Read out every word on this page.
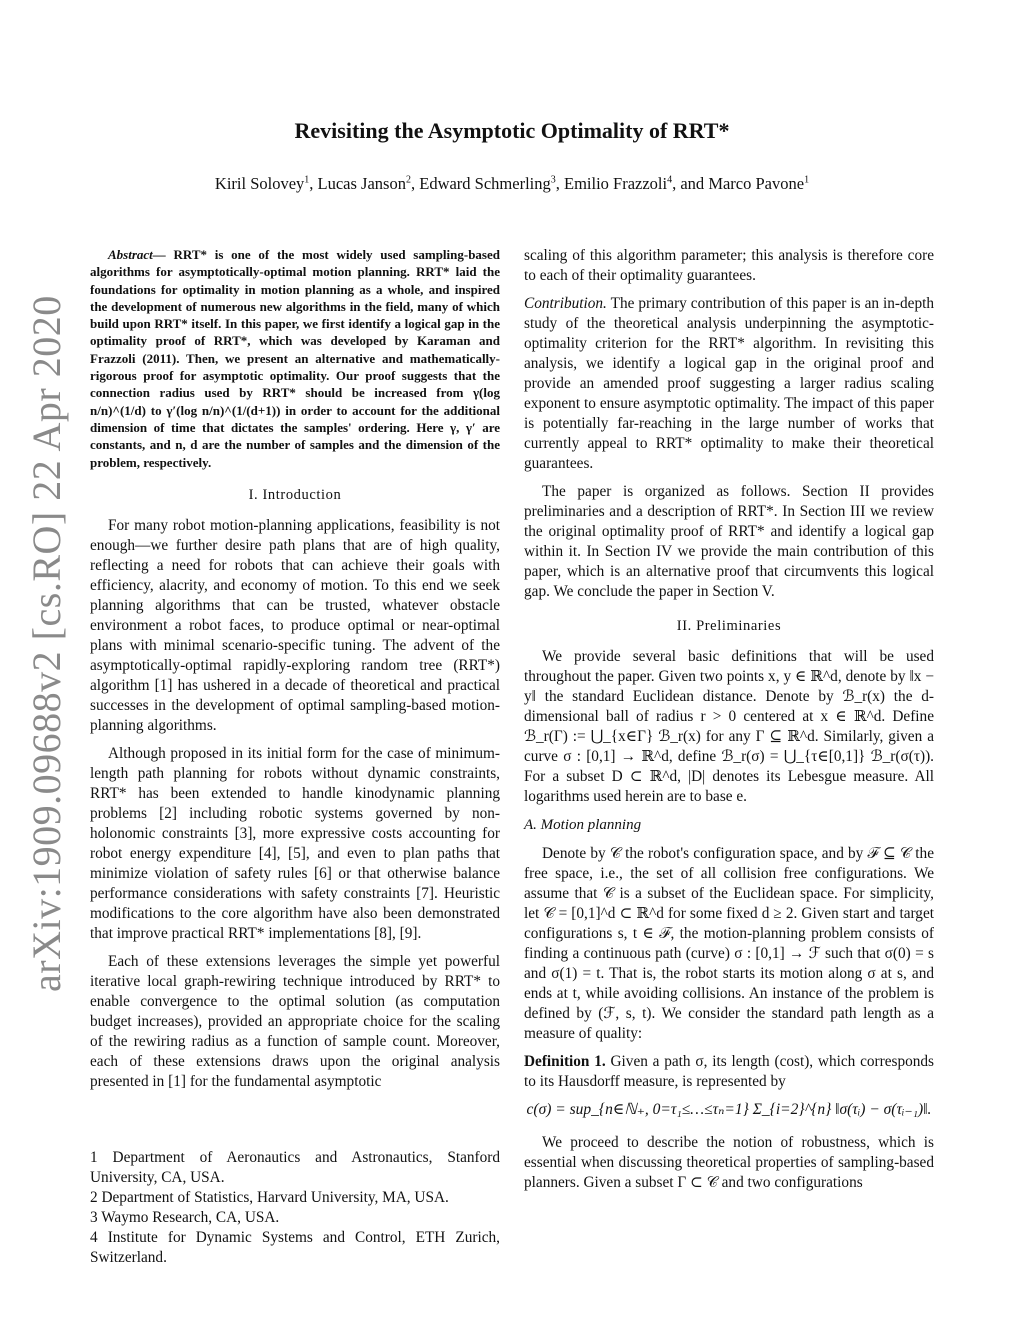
arXiv:1909.09688v2 [cs.RO] 22 Apr 2020
Revisiting the Asymptotic Optimality of RRT*
Kiril Solovey$^1$, Lucas Janson$^2$, Edward Schmerling$^3$, Emilio Frazzoli$^4$, and Marco Pavone$^1$

Abstract— RRT* is one of the most widely used sampling-based algorithms for asymptotically-optimal motion planning. RRT* laid the foundations for optimality in motion planning as a whole, and inspired the development of numerous new algorithms in the field, many of which build upon RRT* itself. In this paper, we first identify a logical gap in the optimality proof of RRT*, which was developed by Karaman and Frazzoli (2011). Then, we present an alternative and mathematically-rigorous proof for asymptotic optimality. Our proof suggests that the connection radius used by RRT* should be increased from γ(log n/n)^(1/d) to γ′(log n/n)^(1/(d+1)) in order to account for the additional dimension of time that dictates the samples' ordering. Here γ, γ′ are constants, and n, d are the number of samples and the dimension of the problem, respectively.

I. Introduction

For many robot motion-planning applications, feasibility is not enough—we further desire path plans that are of high quality, reflecting a need for robots that can achieve their goals with efficiency, alacrity, and economy of motion. To this end we seek planning algorithms that can be trusted, whatever obstacle environment a robot faces, to produce optimal or near-optimal plans with minimal scenario-specific tuning. The advent of the asymptotically-optimal rapidly-exploring random tree (RRT*) algorithm [1] has ushered in a decade of theoretical and practical successes in the development of optimal sampling-based motion-planning algorithms.

Although proposed in its initial form for the case of minimum-length path planning for robots without dynamic constraints, RRT* has been extended to handle kinodynamic planning problems [2] including robotic systems governed by non-holonomic constraints [3], more expressive costs accounting for robot energy expenditure [4], [5], and even to plan paths that minimize violation of safety rules [6] or that otherwise balance performance considerations with safety constraints [7]. Heuristic modifications to the core algorithm have also been demonstrated that improve practical RRT* implementations [8], [9].

Each of these extensions leverages the simple yet powerful iterative local graph-rewiring technique introduced by RRT* to enable convergence to the optimal solution (as computation budget increases), provided an appropriate choice for the scaling of the rewiring radius as a function of sample count. Moreover, each of these extensions draws upon the original analysis presented in [1] for the fundamental asymptotic

scaling of this algorithm parameter; this analysis is therefore core to each of their optimality guarantees.

Contribution. The primary contribution of this paper is an in-depth study of the theoretical analysis underpinning the asymptotic-optimality criterion for the RRT* algorithm. In revisiting this analysis, we identify a logical gap in the original proof and provide an amended proof suggesting a larger radius scaling exponent to ensure asymptotic optimality. The impact of this paper is potentially far-reaching in the large number of works that currently appeal to RRT* optimality to make their theoretical guarantees.

The paper is organized as follows. Section II provides preliminaries and a description of RRT*. In Section III we review the original optimality proof of RRT* and identify a logical gap within it. In Section IV we provide the main contribution of this paper, which is an alternative proof that circumvents this logical gap. We conclude the paper in Section V.

II. Preliminaries

We provide several basic definitions that will be used throughout the paper. Given two points x, y ∈ ℝ^d, denote by ‖x − y‖ the standard Euclidean distance. Denote by ℬ_r(x) the d-dimensional ball of radius r > 0 centered at x ∈ ℝ^d. Define ℬ_r(Γ) := ⋃_{x∈Γ} ℬ_r(x) for any Γ ⊆ ℝ^d. Similarly, given a curve σ : [0,1] → ℝ^d, define ℬ_r(σ) = ⋃_{τ∈[0,1]} ℬ_r(σ(τ)). For a subset D ⊂ ℝ^d, |D| denotes its Lebesgue measure. All logarithms used herein are to base e.

A. Motion planning

Denote by 𝒞 the robot's configuration space, and by ℱ ⊆ 𝒞 the free space, i.e., the set of all collision free configurations. We assume that 𝒞 is a subset of the Euclidean space. For simplicity, let 𝒞 = [0,1]^d ⊂ ℝ^d for some fixed d ≥ 2. Given start and target configurations s, t ∈ ℱ, the motion-planning problem consists of finding a continuous path (curve) σ : [0,1] → ℱ such that σ(0) = s and σ(1) = t. That is, the robot starts its motion along σ at s, and ends at t, while avoiding collisions. An instance of the problem is defined by (ℱ, s, t). We consider the standard path length as a measure of quality:

Definition 1. Given a path σ, its length (cost), which corresponds to its Hausdorff measure, is represented by

c(σ) = sup_{n∈ℕ₊, 0=τ₁≤…≤τₙ=1} Σ_{i=2}^{n} ‖σ(τᵢ) − σ(τᵢ₋₁)‖.

We proceed to describe the notion of robustness, which is essential when discussing theoretical properties of sampling-based planners. Given a subset Γ ⊂ 𝒞 and two configurations

1 Department of Aeronautics and Astronautics, Stanford University, CA, USA.

2 Department of Statistics, Harvard University, MA, USA.

3 Waymo Research, CA, USA.

4 Institute for Dynamic Systems and Control, ETH Zurich, Switzerland.
